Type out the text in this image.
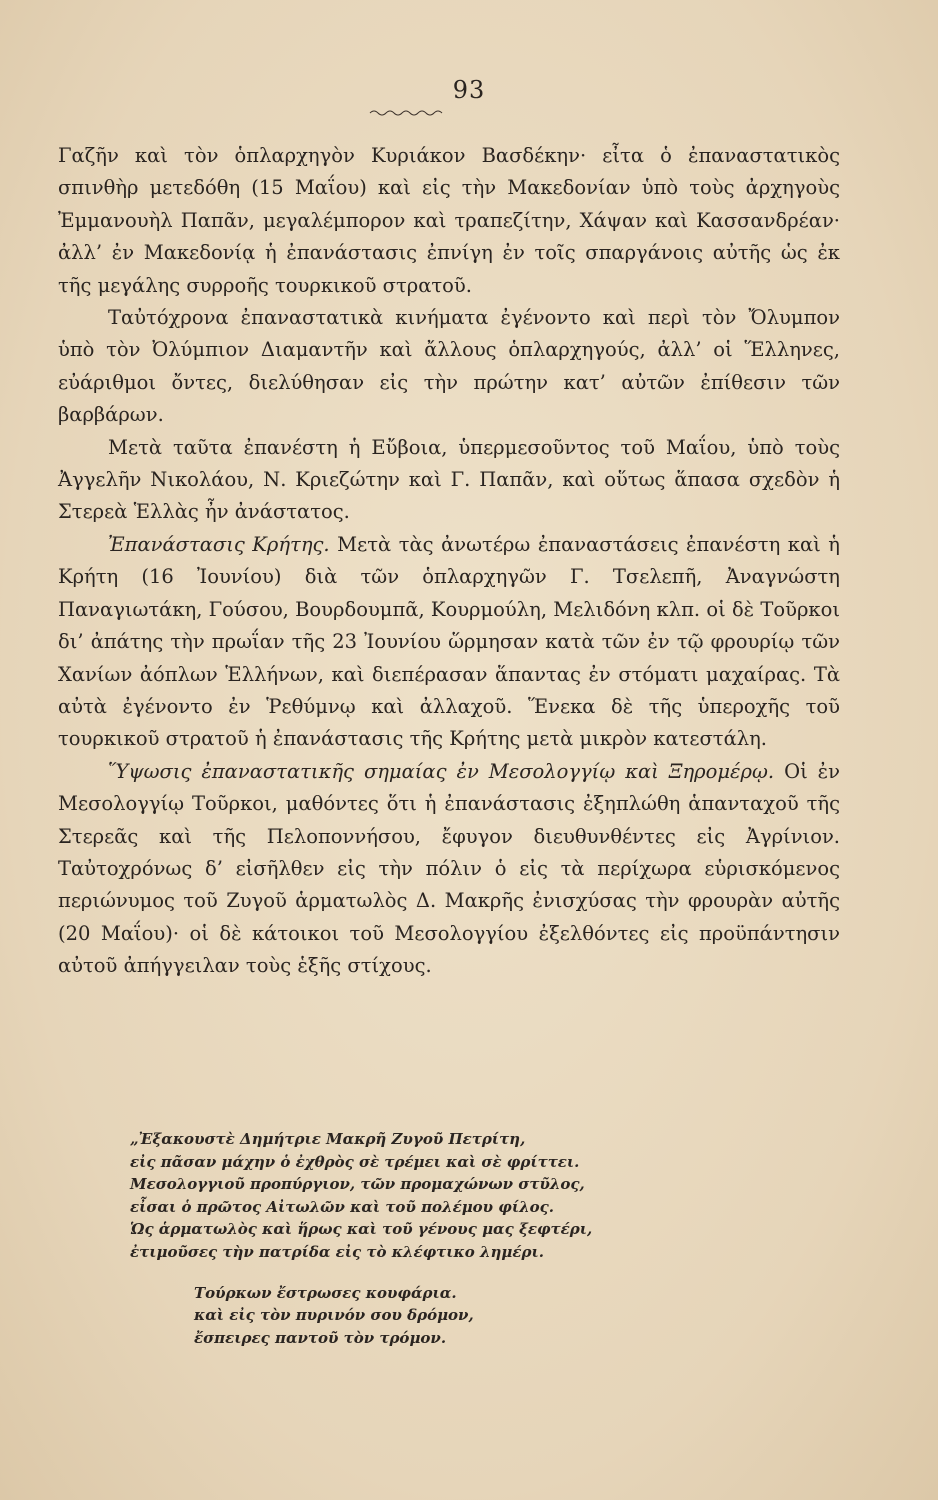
93

Γαζῆν καὶ τὸν ὁπλαρχηγὸν Κυριάκον Βασδέκην· εἶτα ὁ ἐπαναστατικὸς σπινθὴρ μετεδόθη (15 Μαΐου) καὶ εἰς τὴν Μακεδονίαν ὑπὸ τοὺς ἀρχηγοὺς Ἐμμανουὴλ Παπᾶν, μεγαλέμπορον καὶ τραπεζίτην, Χάψαν καὶ Κασσανδρέαν· ἀλλ’ ἐν Μακεδονίᾳ ἡ ἐπανάστασις ἐπνίγη ἐν τοῖς σπαργάνοις αὐτῆς ὡς ἐκ τῆς μεγάλης συρροῆς τουρκικοῦ στρατοῦ.

Ταὐτόχρονα ἐπαναστατικὰ κινήματα ἐγένοντο καὶ περὶ τὸν Ὄλυμπον ὑπὸ τὸν Ὀλύμπιον Διαμαντῆν καὶ ἄλλους ὁπλαρχηγούς, ἀλλ’ οἱ Ἕλληνες, εὐάριθμοι ὄντες, διελύθησαν εἰς τὴν πρώτην κατ’ αὐτῶν ἐπίθεσιν τῶν βαρβάρων.

Μετὰ ταῦτα ἐπανέστη ἡ Εὔβοια, ὑπερμεσοῦντος τοῦ Μαΐου, ὑπὸ τοὺς Ἀγγελῆν Νικολάου, Ν. Κριεζώτην καὶ Γ. Παπᾶν, καὶ οὕτως ἅπασα σχεδὸν ἡ Στερεὰ Ἑλλὰς ἦν ἀνάστατος.

Ἐπανάστασις Κρήτης. Μετὰ τὰς ἀνωτέρω ἐπαναστάσεις ἐπανέστη καὶ ἡ Κρήτη (16 Ἰουνίου) διὰ τῶν ὁπλαρχηγῶν Γ. Τσελεπῆ, Ἀναγνώστη Παναγιωτάκη, Γούσου, Βουρδουμπᾶ, Κουρμούλη, Μελιδόνη κλπ. οἱ δὲ Τοῦρκοι δι’ ἀπάτης τὴν πρωΐαν τῆς 23 Ἰουνίου ὥρμησαν κατὰ τῶν ἐν τῷ φρουρίῳ τῶν Χανίων ἀόπλων Ἑλλήνων, καὶ διεπέρασαν ἅπαντας ἐν στόματι μαχαίρας. Τὰ αὐτὰ ἐγένοντο ἐν Ῥεθύμνῳ καὶ ἀλλαχοῦ. Ἕνεκα δὲ τῆς ὑπεροχῆς τοῦ τουρκικοῦ στρατοῦ ἡ ἐπανάστασις τῆς Κρήτης μετὰ μικρὸν κατεστάλη.

Ὕψωσις ἐπαναστατικῆς σημαίας ἐν Μεσολογγίῳ καὶ Ξηρομέρῳ. Οἱ ἐν Μεσολογγίῳ Τοῦρκοι, μαθόντες ὅτι ἡ ἐπανάστασις ἐξηπλώθη ἁπανταχοῦ τῆς Στερεᾶς καὶ τῆς Πελοποννήσου, ἔφυγον διευθυνθέντες εἰς Ἀγρίνιον. Ταὐτοχρόνως δ’ εἰσῆλθεν εἰς τὴν πόλιν ὁ εἰς τὰ περίχωρα εὑρισκόμενος περιώνυμος τοῦ Ζυγοῦ ἁρματωλὸς Δ. Μακρῆς ἐνισχύσας τὴν φρουρὰν αὐτῆς (20 Μαΐου)· οἱ δὲ κάτοικοι τοῦ Μεσολογγίου ἐξελθόντες εἰς προϋπάντησιν αὐτοῦ ἀπήγγειλαν τοὺς ἑξῆς στίχους.

„Ἐξακουστὲ Δημήτριε Μακρῆ Ζυγοῦ Πετρίτη,
εἰς πᾶσαν μάχην ὁ ἐχθρὸς σὲ τρέμει καὶ σὲ φρίττει.
Μεσολογγιοῦ προπύργιον, τῶν προμαχώνων στῦλος,
εἶσαι ὁ πρῶτος Αἰτωλῶν καὶ τοῦ πολέμου φίλος.
Ὡς ἁρματωλὸς καὶ ἥρως καὶ τοῦ γένους μας ξεφτέρι,
ἐτιμοῦσες τὴν πατρίδα εἰς τὸ κλέφτικο λημέρι.
Τούρκων ἔστρωσες κουφάρια.
καὶ εἰς τὸν πυρινόν σου δρόμον,
ἔσπειρες παντοῦ τὸν τρόμον.
